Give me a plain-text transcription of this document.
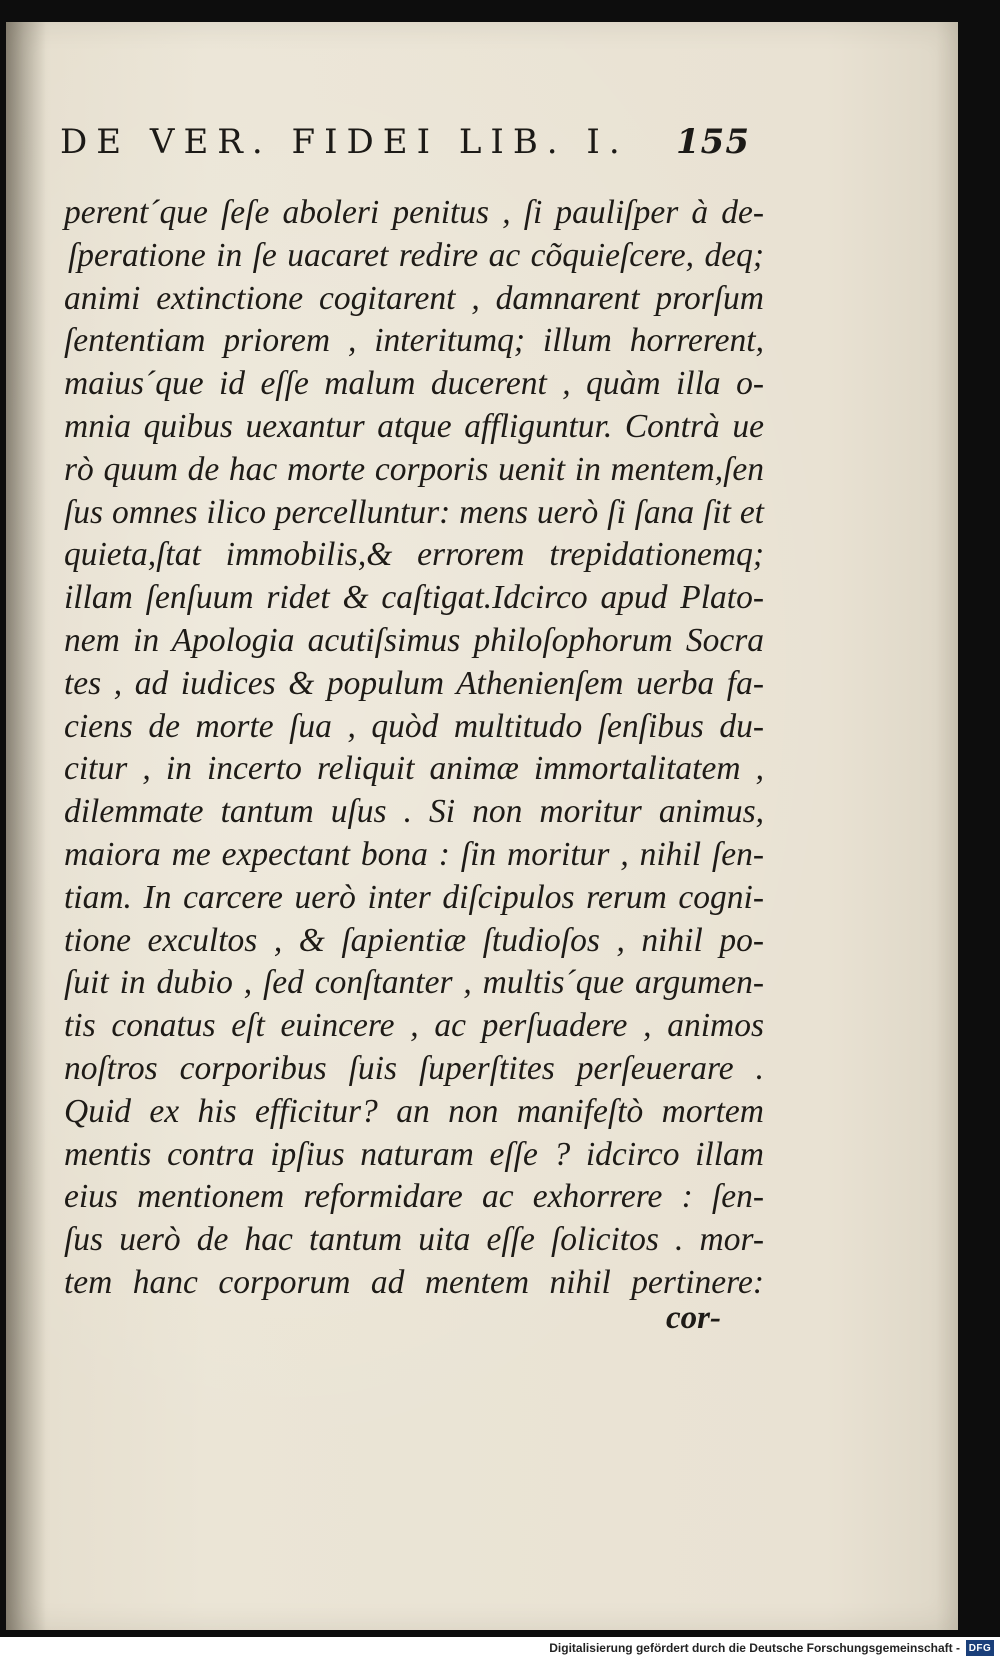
DE VER. FIDEI LIB. I. 155
perent´que ſeſe aboleri penitus , ſi pauliſper à de-
ſperatione in ſe uacaret redire ac cõquieſcere, deq;
animi extinctione cogitarent , damnarent prorſum
ſententiam priorem , interitumq; illum horrerent,
maius´que id eſſe malum ducerent , quàm illa o-
mnia quibus uexantur atque affliguntur. Contrà ue
rò quum de hac morte corporis uenit in mentem,ſen
ſus omnes ilico percelluntur: mens uerò ſi ſana ſit et
quieta,ſtat immobilis,& errorem trepidationemq;
illam ſenſuum ridet & caſtigat.Idcirco apud Plato-
nem in Apologia acutiſsimus philoſophorum Socra
tes , ad iudices & populum Athenienſem uerba fa-
ciens de morte ſua , quòd multitudo ſenſibus du-
citur , in incerto reliquit animæ immortalitatem ,
dilemmate tantum uſus . Si non moritur animus,
maiora me expectant bona : ſin moritur , nihil ſen-
tiam. In carcere uerò inter diſcipulos rerum cogni-
tione excultos , & ſapientiæ ſtudioſos , nihil po-
ſuit in dubio , ſed conſtanter , multis´que argumen-
tis conatus eſt euincere , ac perſuadere , animos
noſtros corporibus ſuis ſuperſtites perſeuerare .
Quid ex his efficitur? an non manifeſtò mortem
mentis contra ipſius naturam eſſe ? idcirco illam
eius mentionem reformidare ac exhorrere : ſen-
ſus uerò de hac tantum uita eſſe ſolicitos . mor-
tem hanc corporum ad mentem nihil pertinere:
cor-
Digitalisierung gefördert durch die Deutsche Forschungsgemeinschaft - DFG
